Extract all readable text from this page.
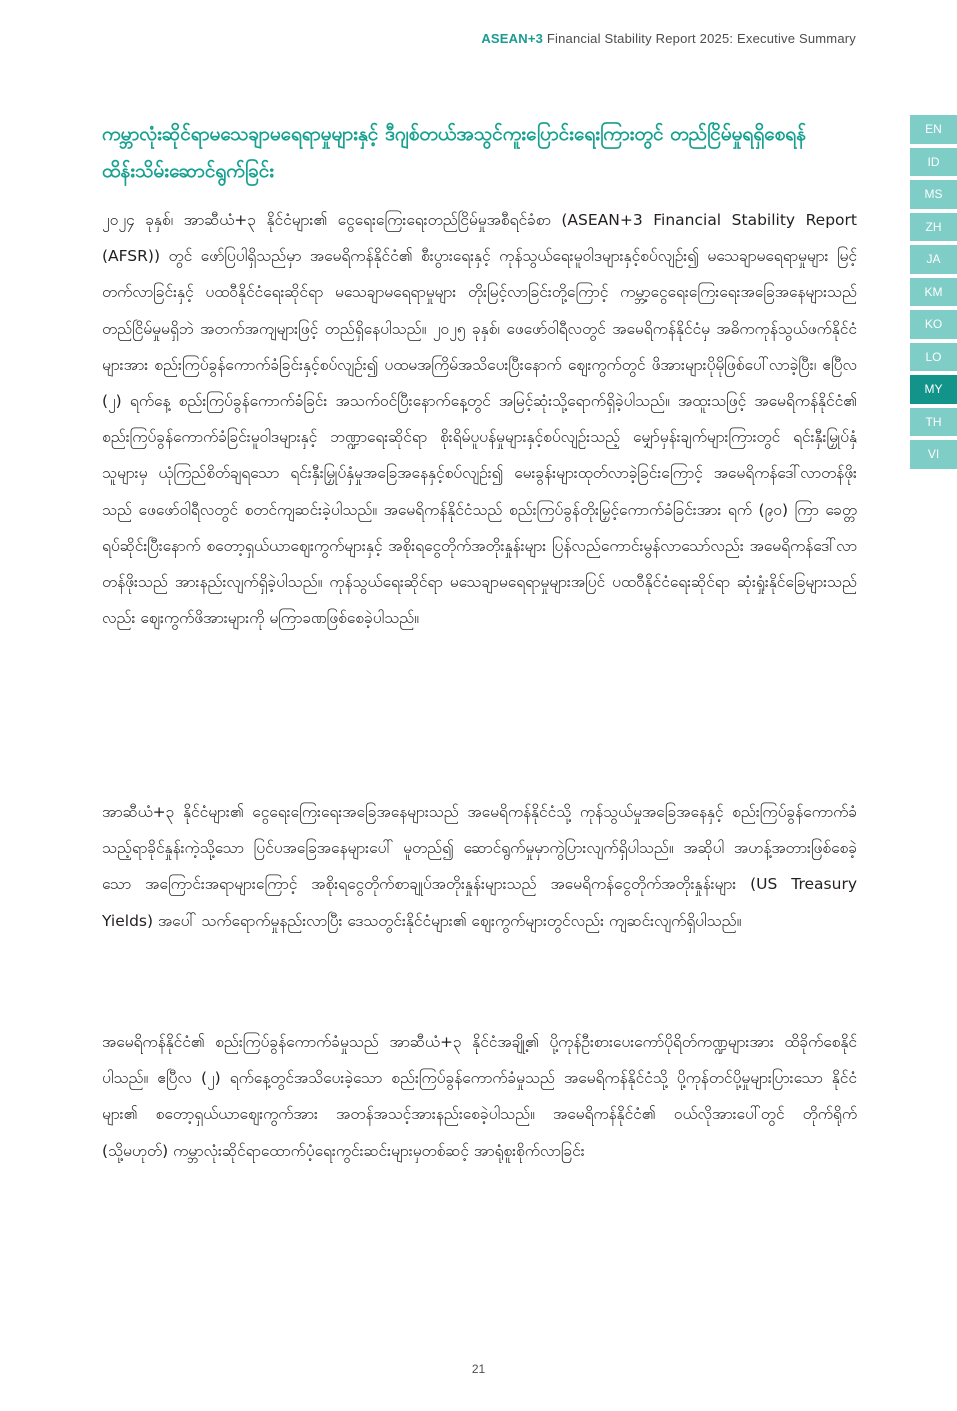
ASEAN+3 Financial Stability Report 2025: Executive Summary
EN
ID
MS
ZH
JA
KM
KO
LO
MY
TH
VI
ကမ္ဘာလုံးဆိုင်ရာမသေချာမရေရာမှုများနှင့် ဒီဂျစ်တယ်အသွင်ကူးပြောင်းရေးကြားတွင် တည်ငြိမ်မှုရရှိစေရန် ထိန်းသိမ်းဆောင်ရွက်ခြင်း

၂၀၂၄ ခုနှစ်၊ အာဆီယံ+၃ နိုင်ငံများ၏ ငွေရေးကြေးရေးတည်ငြိမ်မှုအစီရင်ခံစာ (ASEAN+3 Financial Stability Report (AFSR)) တွင် ဖော်ပြပါရှိသည်မှာ အမေရိကန်နိုင်ငံ၏ စီးပွားရေးနှင့် ကုန်သွယ်ရေးမူဝါဒများနှင့်စပ်လျဉ်း၍ မသေချာမရေရာမှုများ မြင့်တက်လာခြင်းနှင့် ပထဝီနိုင်ငံရေးဆိုင်ရာ မသေချာမရေရာမှုများ တိုးမြင့်လာခြင်းတို့ကြောင့် ကမ္ဘာ့ငွေရေးကြေးရေးအခြေအနေများသည် တည်ငြိမ်မှုမရှိဘဲ အတက်အကျများဖြင့် တည်ရှိနေပါသည်။ ၂၀၂၅ ခုနှစ်၊ ဖေဖော်ဝါရီလတွင် အမေရိကန်နိုင်ငံမှ အဓိကကုန်သွယ်ဖက်နိုင်ငံများအား စည်းကြပ်ခွန်ကောက်ခံခြင်းနှင့်စပ်လျဉ်း၍ ပထမအကြိမ်အသိပေးပြီးနောက် စျေးကွက်တွင် ဖိအားများပိုမိုဖြစ်ပေါ်လာခဲ့ပြီး၊ ဧပြီလ (၂) ရက်နေ့ စည်းကြပ်ခွန်ကောက်ခံခြင်း အသက်ဝင်ပြီးနောက်နေ့တွင် အမြင့်ဆုံးသို့ရောက်ရှိခဲ့ပါသည်။ အထူးသဖြင့် အမေရိကန်နိုင်ငံ၏ စည်းကြပ်ခွန်ကောက်ခံခြင်းမူဝါဒများနှင့် ဘဏ္ဍာရေးဆိုင်ရာ စိုးရိမ်ပူပန်မှုများနှင့်စပ်လျဉ်းသည့် မျှော်မှန်းချက်များကြားတွင် ရင်းနှီးမြှုပ်နှံသူများမှ ယုံကြည်စိတ်ချရသော ရင်းနှီးမြှုပ်နှံမှုအခြေအနေနှင့်စပ်လျဉ်း၍ မေးခွန်းများထုတ်လာခဲ့ခြင်းကြောင့် အမေရိကန်ဒေါ်လာတန်ဖိုးသည် ဖေဖော်ဝါရီလတွင် စတင်ကျဆင်းခဲ့ပါသည်။ အမေရိကန်နိုင်ငံသည် စည်းကြပ်ခွန်တိုးမြှင့်ကောက်ခံခြင်းအား ရက် (၉၀) ကြာ ခေတ္တရပ်ဆိုင်းပြီးနောက် စတော့ရှယ်ယာစျေးကွက်များနှင့် အစိုးရငွေတိုက်အတိုးနှုန်းများ ပြန်လည်ကောင်းမွန်လာသော်လည်း အမေရိကန်ဒေါ်လာတန်ဖိုးသည် အားနည်းလျက်ရှိခဲ့ပါသည်။ ကုန်သွယ်ရေးဆိုင်ရာ မသေချာမရေရာမှုများအပြင် ပထဝီနိုင်ငံရေးဆိုင်ရာ ဆုံးရှုံးနိုင်ခြေများသည်လည်း စျေးကွက်ဖိအားများကို မကြာခဏဖြစ်စေခဲ့ပါသည်။

အာဆီယံ+၃ နိုင်ငံများ၏ ငွေရေးကြေးရေးအခြေအနေများသည် အမေရိကန်နိုင်ငံသို့ ကုန်သွယ်မှုအခြေအနေနှင့် စည်းကြပ်ခွန်ကောက်ခံသည့်ရာခိုင်နှုန်းကဲ့သို့သော ပြင်ပအခြေအနေများပေါ် မူတည်၍ ဆောင်ရွက်မှုမှာကွဲပြားလျက်ရှိပါသည်။ အဆိုပါ အဟန့်အတားဖြစ်စေခဲ့သော အကြောင်းအရာများကြောင့် အစိုးရငွေတိုက်စာချုပ်အတိုးနှုန်းများသည် အမေရိကန်ငွေတိုက်အတိုးနှုန်းများ (US Treasury Yields) အပေါ် သက်ရောက်မှုနည်းလာပြီး ဒေသတွင်းနိုင်ငံများ၏ စျေးကွက်များတွင်လည်း ကျဆင်းလျက်ရှိပါသည်။

အမေရိကန်နိုင်ငံ၏ စည်းကြပ်ခွန်ကောက်ခံမှုသည် အာဆီယံ+၃ နိုင်ငံအချို့၏ ပို့ကုန်ဦးစားပေးကော်ပိုရိတ်ကဏ္ဍများအား ထိခိုက်စေနိုင်ပါသည်။ ဧပြီလ (၂) ရက်နေ့တွင်အသိပေးခဲ့သော စည်းကြပ်ခွန်ကောက်ခံမှုသည် အမေရိကန်နိုင်ငံသို့ ပို့ကုန်တင်ပို့မှုများပြားသော နိုင်ငံများ၏ စတော့ရှယ်ယာစျေးကွက်အား အတန်အသင့်အားနည်းစေခဲ့ပါသည်။ အမေရိကန်နိုင်ငံ၏ ဝယ်လိုအားပေါ်တွင် တိုက်ရိုက် (သို့မဟုတ်) ကမ္ဘာလုံးဆိုင်ရာထောက်ပံ့ရေးကွင်းဆင်းများမှတစ်ဆင့် အာရုံစူးစိုက်လာခြင်း

21
